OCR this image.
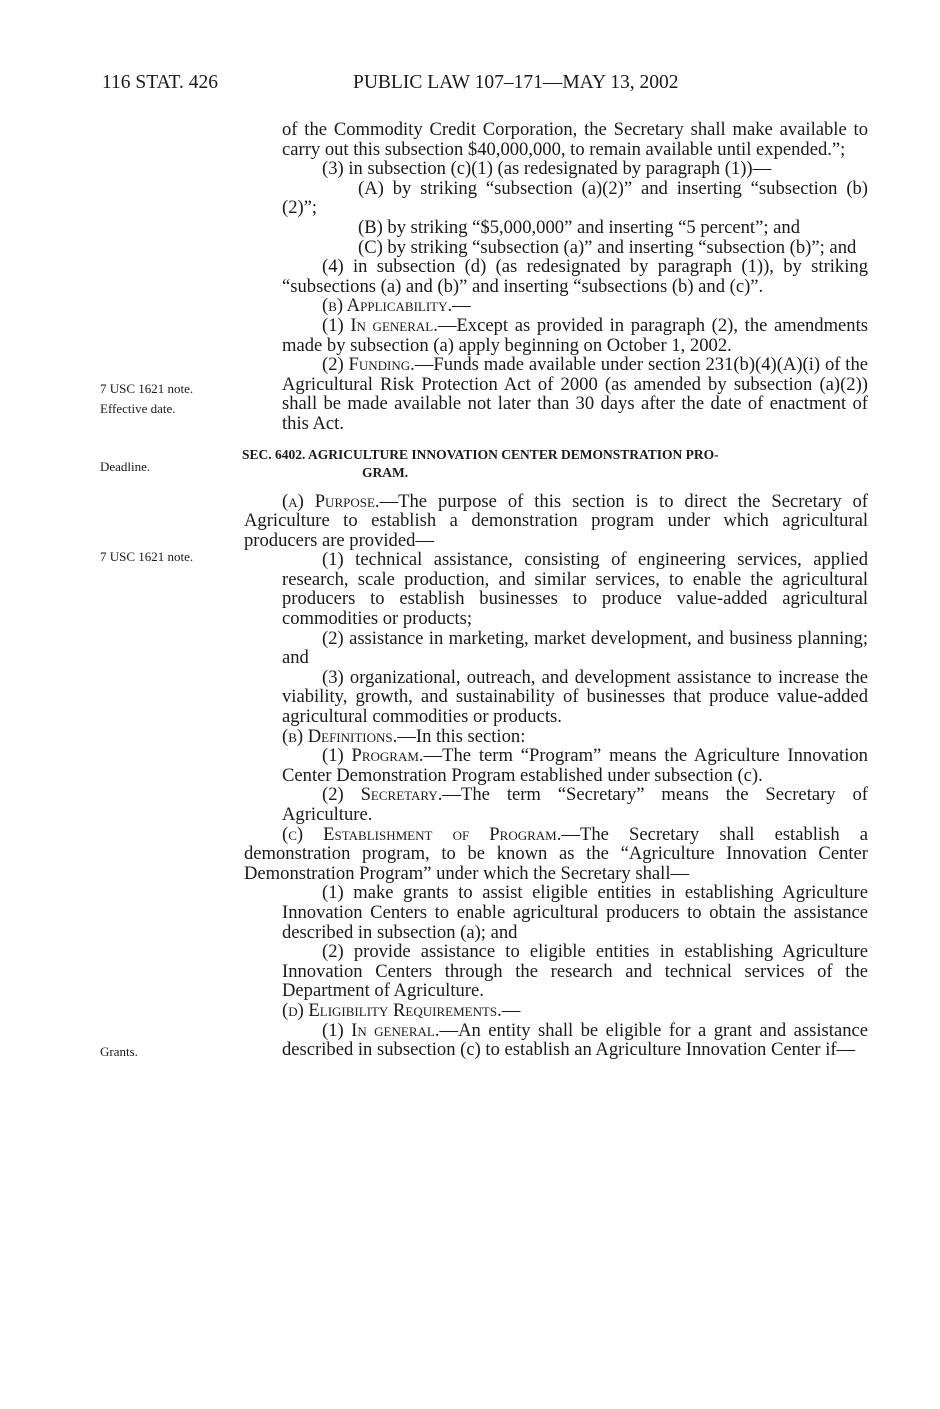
116 STAT. 426	PUBLIC LAW 107–171—MAY 13, 2002
7 USC 1621 note.
Effective date.
Deadline.
7 USC 1621 note.
Grants.

of the Commodity Credit Corporation, the Secretary shall make available to carry out this subsection $40,000,000, to remain available until expended.”;

(3) in subsection (c)(1) (as redesignated by paragraph (1))—

(A) by striking “subsection (a)(2)” and inserting “subsection (b)(2)”;

(B) by striking “$5,000,000” and inserting “5 percent”; and

(C) by striking “subsection (a)” and inserting “subsection (b)”; and

(4) in subsection (d) (as redesignated by paragraph (1)), by striking “subsections (a) and (b)” and inserting “subsections (b) and (c)”.

(b) Applicability.—

(1) In general.—Except as provided in paragraph (2), the amendments made by subsection (a) apply beginning on October 1, 2002.

(2) Funding.—Funds made available under section 231(b)(4)(A)(i) of the Agricultural Risk Protection Act of 2000 (as amended by subsection (a)(2)) shall be made available not later than 30 days after the date of enactment of this Act.

SEC. 6402. AGRICULTURE INNOVATION CENTER DEMONSTRATION PRO-
GRAM.

(a) Purpose.—The purpose of this section is to direct the Secretary of Agriculture to establish a demonstration program under which agricultural producers are provided—

(1) technical assistance, consisting of engineering services, applied research, scale production, and similar services, to enable the agricultural producers to establish businesses to produce value-added agricultural commodities or products;

(2) assistance in marketing, market development, and business planning; and

(3) organizational, outreach, and development assistance to increase the viability, growth, and sustainability of businesses that produce value-added agricultural commodities or products.

(b) Definitions.—In this section:

(1) Program.—The term “Program” means the Agriculture Innovation Center Demonstration Program established under subsection (c).

(2) Secretary.—The term “Secretary” means the Secretary of Agriculture.

(c) Establishment of Program.—The Secretary shall establish a demonstration program, to be known as the “Agriculture Innovation Center Demonstration Program” under which the Secretary shall—

(1) make grants to assist eligible entities in establishing Agriculture Innovation Centers to enable agricultural producers to obtain the assistance described in subsection (a); and

(2) provide assistance to eligible entities in establishing Agriculture Innovation Centers through the research and technical services of the Department of Agriculture.

(d) Eligibility Requirements.—

(1) In general.—An entity shall be eligible for a grant and assistance described in subsection (c) to establish an Agriculture Innovation Center if—
